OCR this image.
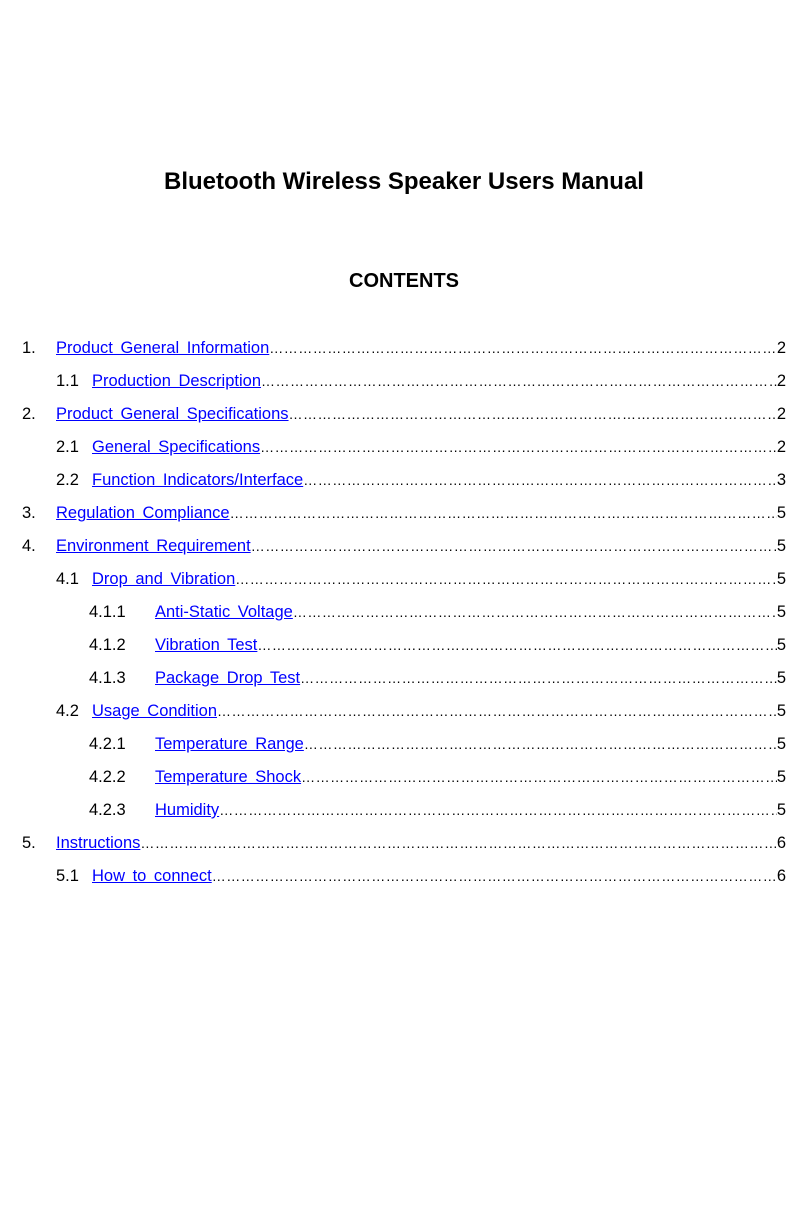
Bluetooth Wireless Speaker Users Manual
CONTENTS
1.	Product General Information …………………………………………………………………………………………………………………………………………………………………………………………………………………………	2
1.1 Production Description …………………………………………………………………………………………………………………………………………………………………………………………………………………………	2
2.	Product General Specifications …………………………………………………………………………………………………………………………………………………………………………………………………………………………	2
2.1 General Specifications …………………………………………………………………………………………………………………………………………………………………………………………………………………………	2
2.2 Function Indicators/Interface …………………………………………………………………………………………………………………………………………………………………………………………………………………………	3
3.	Regulation Compliance …………………………………………………………………………………………………………………………………………………………………………………………………………………………	5
4.	Environment Requirement …………………………………………………………………………………………………………………………………………………………………………………………………………………………	5
4.1 Drop and Vibration …………………………………………………………………………………………………………………………………………………………………………………………………………………………	5
4.1.1	Anti-Static Voltage …………………………………………………………………………………………………………………………………………………………………………………………………………………………	5
4.1.2	Vibration Test …………………………………………………………………………………………………………………………………………………………………………………………………………………………	5
4.1.3	Package Drop Test …………………………………………………………………………………………………………………………………………………………………………………………………………………………	5
4.2 Usage Condition …………………………………………………………………………………………………………………………………………………………………………………………………………………………	5
4.2.1	Temperature Range …………………………………………………………………………………………………………………………………………………………………………………………………………………………	5
4.2.2	Temperature Shock …………………………………………………………………………………………………………………………………………………………………………………………………………………………	5
4.2.3	Humidity …………………………………………………………………………………………………………………………………………………………………………………………………………………………	5
5.	Instructions …………………………………………………………………………………………………………………………………………………………………………………………………………………………	6
5.1 How to connect …………………………………………………………………………………………………………………………………………………………………………………………………………………………	6
